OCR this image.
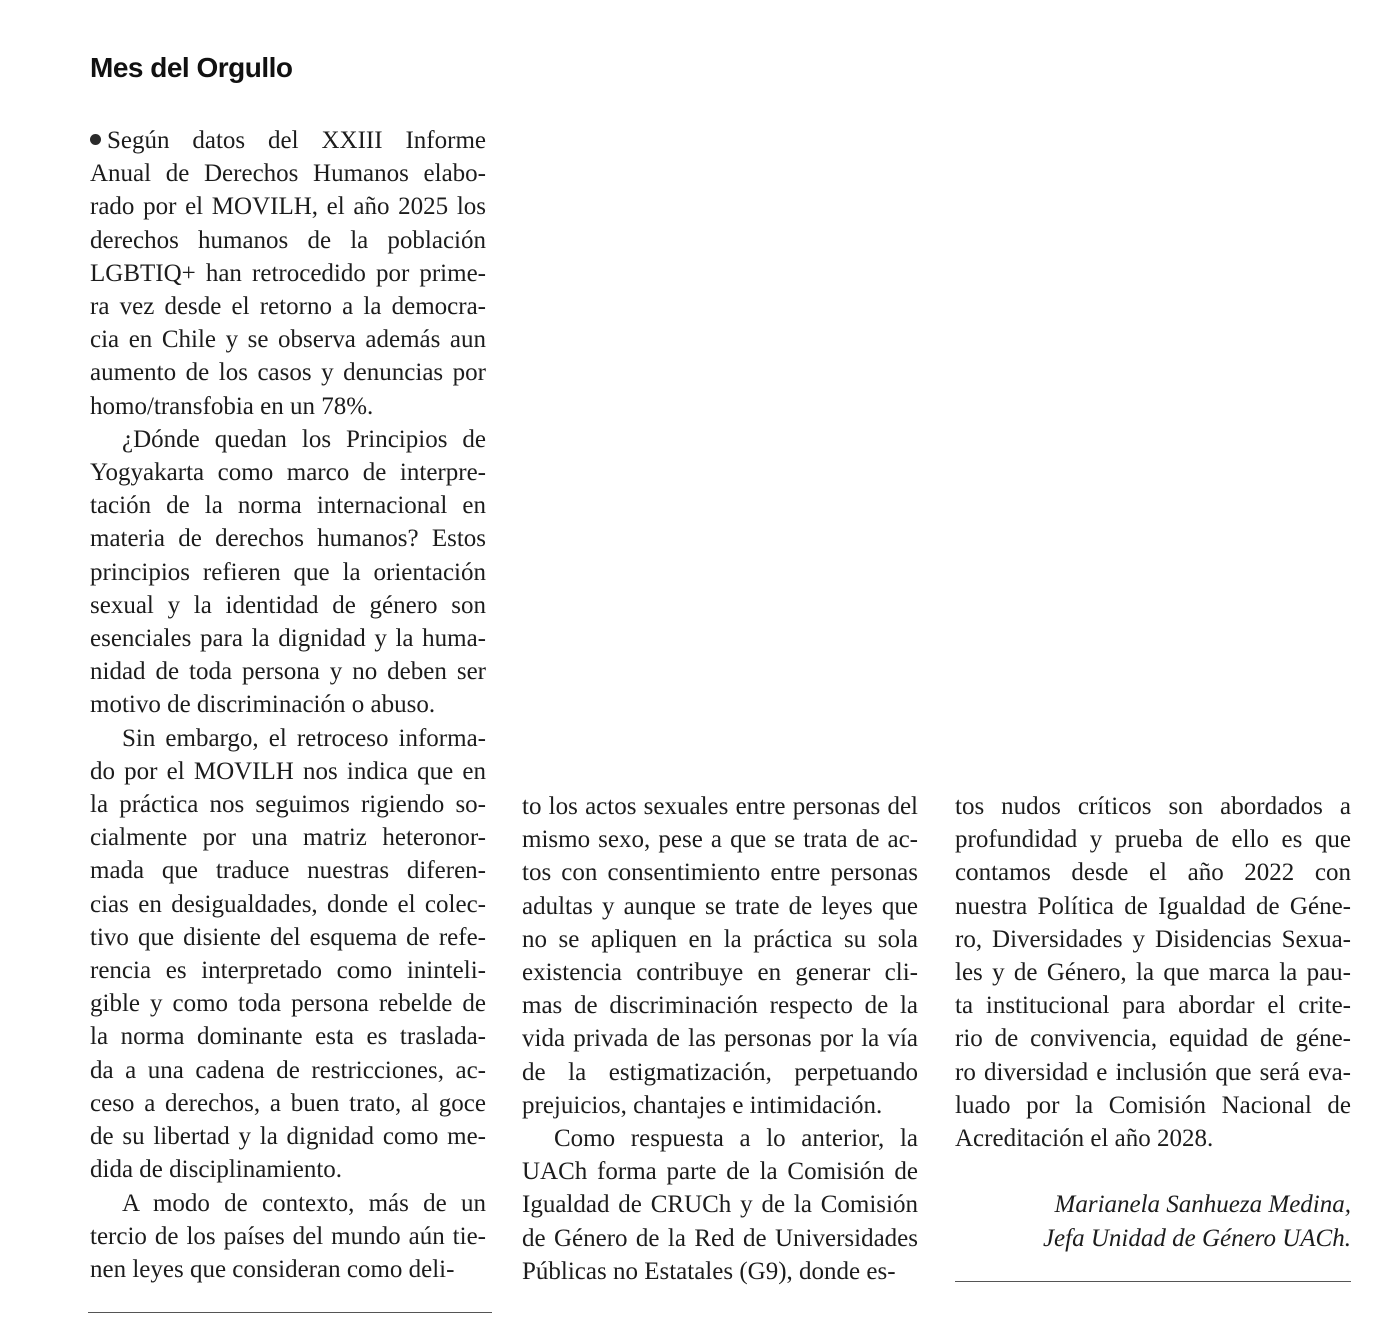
Mes del Orgullo

Según datos del XXIII Informe
Anual de Derechos Humanos elabo-
rado por el MOVILH, el año 2025 los
derechos humanos de la población
LGBTIQ+ han retrocedido por prime-
ra vez desde el retorno a la democra-
cia en Chile y se observa además aun
aumento de los casos y denuncias por
homo/transfobia en un 78%.

¿Dónde quedan los Principios de
Yogyakarta como marco de interpre-
tación de la norma internacional en
materia de derechos humanos? Estos
principios refieren que la orientación
sexual y la identidad de género son
esenciales para la dignidad y la huma-
nidad de toda persona y no deben ser
motivo de discriminación o abuso.

Sin embargo, el retroceso informa-
do por el MOVILH nos indica que en
la práctica nos seguimos rigiendo so-
cialmente por una matriz heteronor-
mada que traduce nuestras diferen-
cias en desigualdades, donde el colec-
tivo que disiente del esquema de refe-
rencia es interpretado como ininteli-
gible y como toda persona rebelde de
la norma dominante esta es traslada-
da a una cadena de restricciones, ac-
ceso a derechos, a buen trato, al goce
de su libertad y la dignidad como me-
dida de disciplinamiento.

A modo de contexto, más de un
tercio de los países del mundo aún tie-
nen leyes que consideran como deli-

to los actos sexuales entre personas del
mismo sexo, pese a que se trata de ac-
tos con consentimiento entre personas
adultas y aunque se trate de leyes que
no se apliquen en la práctica su sola
existencia contribuye en generar cli-
mas de discriminación respecto de la
vida privada de las personas por la vía
de la estigmatización, perpetuando
prejuicios, chantajes e intimidación.

Como respuesta a lo anterior, la
UACh forma parte de la Comisión de
Igualdad de CRUCh y de la Comisión
de Género de la Red de Universidades
Públicas no Estatales (G9), donde es-

tos nudos críticos son abordados a
profundidad y prueba de ello es que
contamos desde el año 2022 con
nuestra Política de Igualdad de Géne-
ro, Diversidades y Disidencias Sexua-
les y de Género, la que marca la pau-
ta institucional para abordar el crite-
rio de convivencia, equidad de géne-
ro diversidad e inclusión que será eva-
luado por la Comisión Nacional de
Acreditación el año 2028.

Marianela Sanhueza Medina,
Jefa Unidad de Género UACh.
